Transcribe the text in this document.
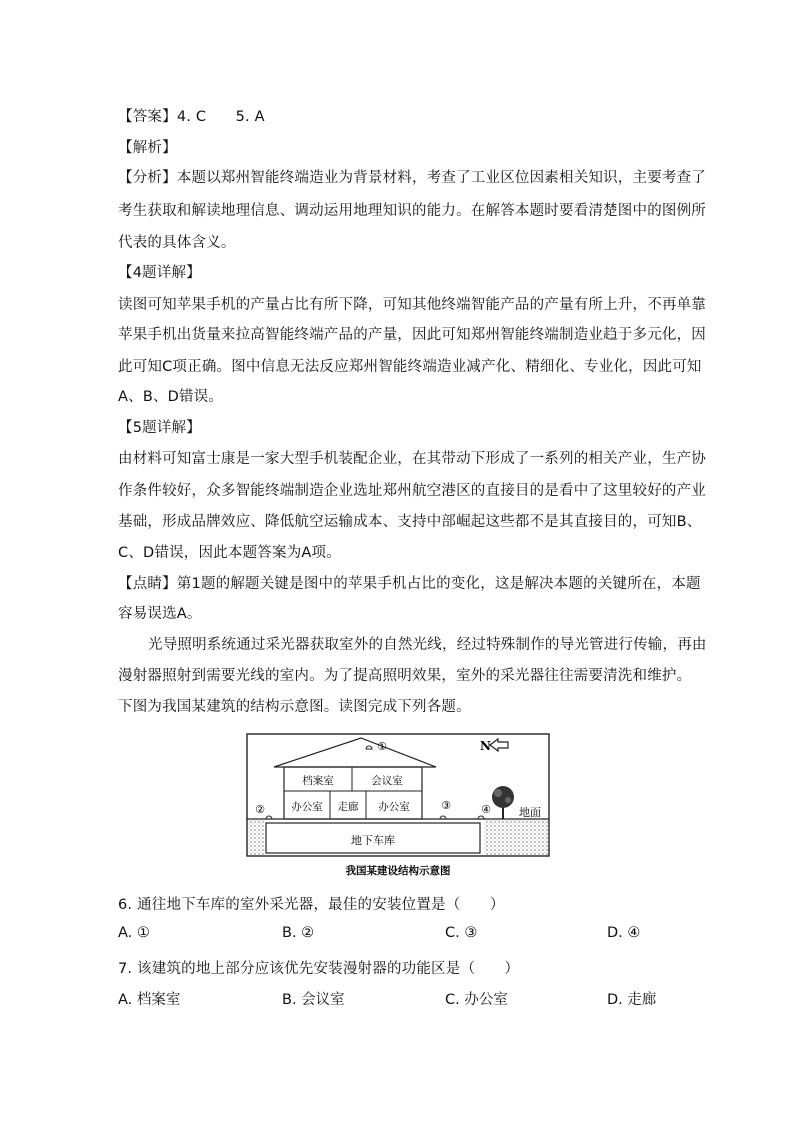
【答案】4. C　　5. A
【解析】
【分析】本题以郑州智能终端造业为背景材料，考查了工业区位因素相关知识，主要考查了
考生获取和解读地理信息、调动运用地理知识的能力。在解答本题时要看清楚图中的图例所
代表的具体含义。
【4题详解】
读图可知苹果手机的产量占比有所下降，可知其他终端智能产品的产量有所上升，不再单靠
苹果手机出货量来拉高智能终端产品的产量，因此可知郑州智能终端制造业趋于多元化，因
此可知C项正确。图中信息无法反应郑州智能终端造业减产化、精细化、专业化，因此可知
A、B、D错误。
【5题详解】
由材料可知富士康是一家大型手机装配企业，在其带动下形成了一系列的相关产业，生产协
作条件较好，众多智能终端制造企业选址郑州航空港区的直接目的是看中了这里较好的产业
基础，形成品牌效应、降低航空运输成本、支持中部崛起这些都不是其直接目的，可知B、
C、D错误，因此本题答案为A项。
【点睛】第1题的解题关键是图中的苹果手机占比的变化，这是解决本题的关键所在，本题
容易误选A。
光导照明系统通过采光器获取室外的自然光线，经过特殊制作的导光管进行传输，再由
漫射器照射到需要光线的室内。为了提高照明效果，室外的采光器往往需要清洗和维护。
下图为我国某建筑的结构示意图。读图完成下列各题。
地下车库
档案室	会议室
办公室 走廊 办公室
①
②	③	④	地面
N
我国某建设结构示意图
6. 通往地下车库的室外采光器，最佳的安装位置是（　　）
A. ①	B. ②	C. ③	D. ④
7. 该建筑的地上部分应该优先安装漫射器的功能区是（　　）
A. 档案室	B. 会议室	C. 办公室	D. 走廊
